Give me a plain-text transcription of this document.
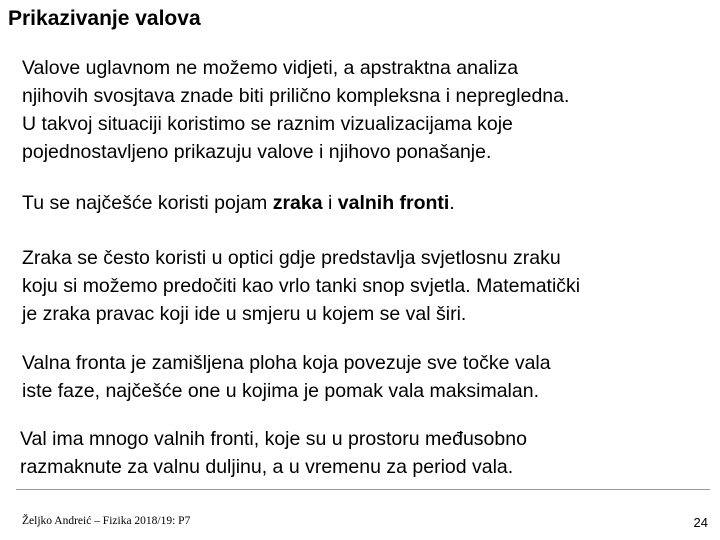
Prikazivanje valova
Valove uglavnom ne možemo vidjeti, a apstraktna analiza
njihovih svosjtava znade biti prilično kompleksna i nepregledna.
U takvoj situaciji koristimo se raznim vizualizacijama koje
pojednostavljeno prikazuju valove i njihovo ponašanje.
Tu se najčešće koristi pojam zraka i valnih fronti.
Zraka se često koristi u optici gdje predstavlja svjetlosnu zraku
koju si možemo predočiti kao vrlo tanki snop svjetla. Matematički
je zraka pravac koji ide u smjeru u kojem se val širi.
Valna fronta je zamišljena ploha koja povezuje sve točke vala
iste faze, najčešće one u kojima je pomak vala maksimalan.
Val ima mnogo valnih fronti, koje su u prostoru međusobno
razmaknute za valnu duljinu, a u vremenu za period vala.
Željko Andreić – Fizika 2018/19: P7	24
